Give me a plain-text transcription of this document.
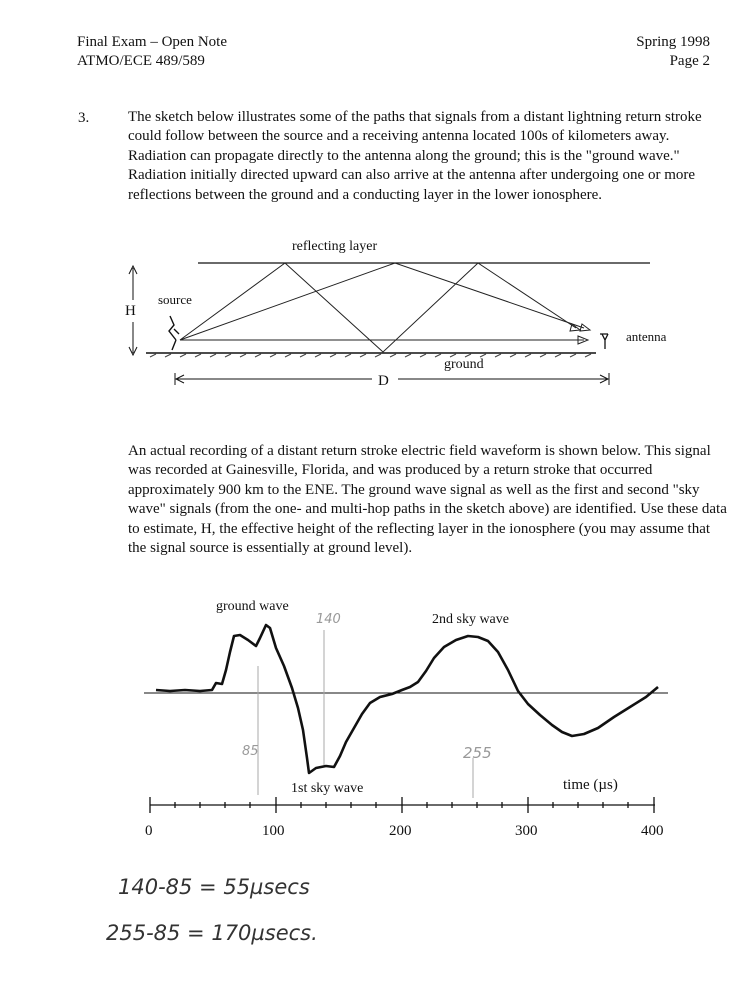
Final Exam – Open Note
ATMO/ECE 489/589
Spring 1998
Page 2
3.	The sketch below illustrates some of the paths that signals from a distant lightning return stroke could follow between the source and a receiving antenna located 100s of kilometers away. Radiation can propagate directly to the antenna along the ground; this is the "ground wave." Radiation initially directed upward can also arrive at the antenna after undergoing one or more reflections between the ground and a conducting layer in the lower ionosphere.
reflecting layer
ground
source
antenna
H
D
An actual recording of a distant return stroke electric field waveform is shown below. This signal was recorded at Gainesville, Florida, and was produced by a return stroke that occurred approximately 900 km to the ENE. The ground wave signal as well as the first and second "sky wave" signals (from the one- and multi-hop paths in the sketch above) are identified. Use these data to estimate, H, the effective height of the reflecting layer in the ionosphere (you may assume that the signal source is essentially at ground level).
85
140
255
ground wave
2nd sky wave
1st sky wave	time (µs)
0	100	200	300	400
140-85 = 55µsecs
255-85 = 170µsecs.
